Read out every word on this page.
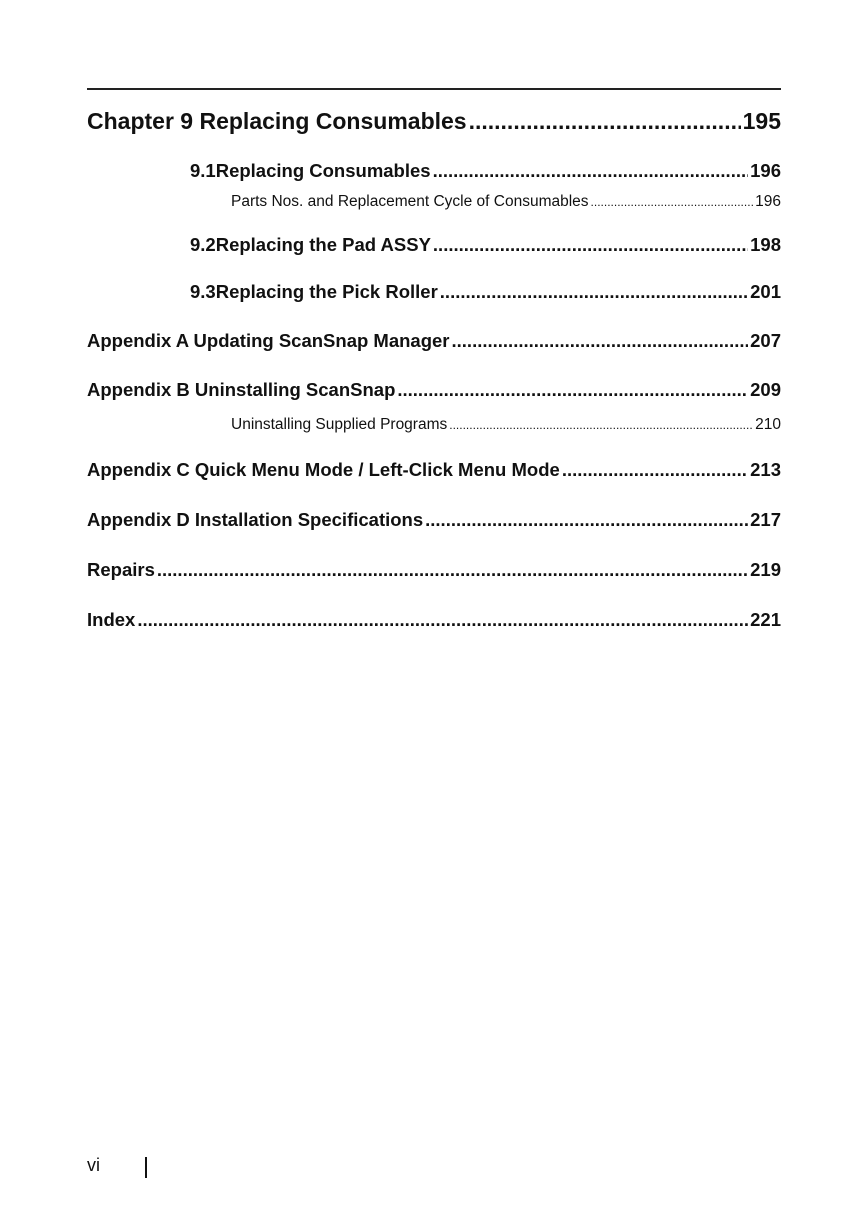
Chapter 9 Replacing Consumables .....	195
9.1 Replacing Consumables .....	196
Parts Nos. and Replacement Cycle of Consumables .....	196
9.2 Replacing the Pad ASSY .....	198
9.3 Replacing the Pick Roller .....	201
Appendix A Updating ScanSnap Manager .....	207
Appendix B Uninstalling ScanSnap .....	209
Uninstalling Supplied Programs .....	210
Appendix C Quick Menu Mode / Left-Click Menu Mode .....	213
Appendix D Installation Specifications .....	217
Repairs .....	219
Index .....	221
vi
